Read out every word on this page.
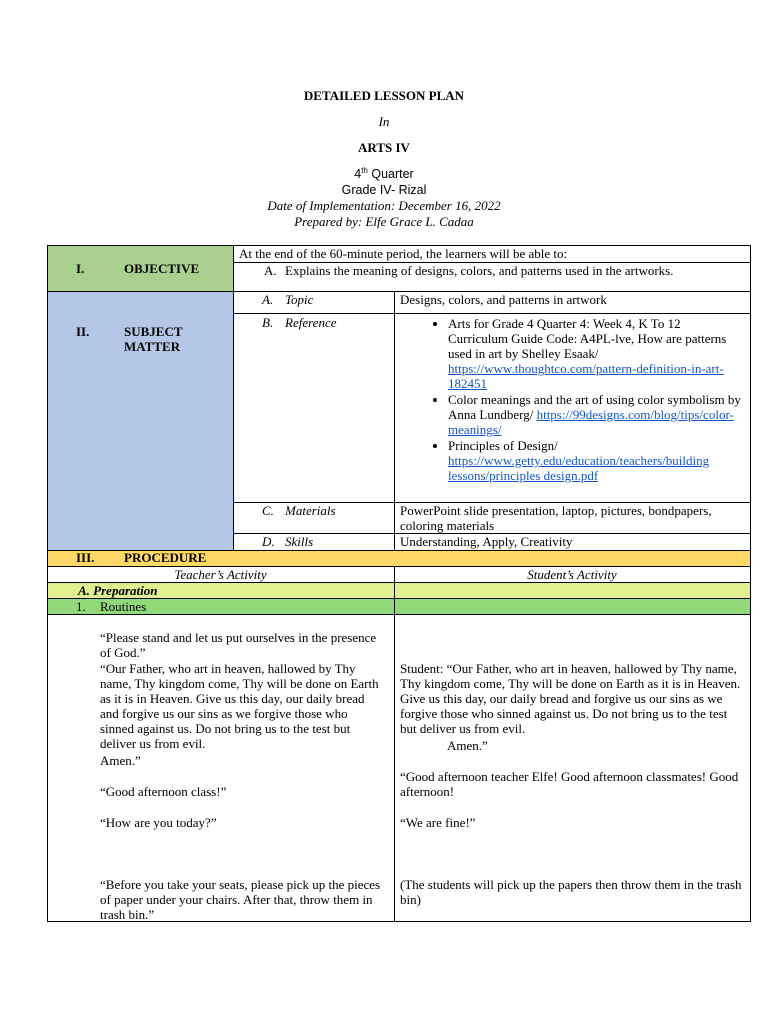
DETAILED LESSON PLAN
In
ARTS IV
4th Quarter
Grade IV- Rizal
Date of Implementation: December 16, 2022
Prepared by: Elfe Grace L. Cadaa
I.	OBJECTIVE
At the end of the 60-minute period, the learners will be able to:
A. Explains the meaning of designs, colors, and patterns used in the artworks.
II.	SUBJECT
MATTER
A. Topic	Designs, colors, and patterns in artwork
B. Reference
•	Arts for Grade 4 Quarter 4: Week 4, K To 12 Curriculum Guide Code: A4PL-lve, How are patterns used in art by Shelley Esaak/ https://www.thoughtco.com/pattern-definition-in-art-182451
• Color meanings and the art of using color symbolism by Anna Lundberg/ https://99designs.com/blog/tips/color-meanings/
• Principles of Design/ https://www.getty.edu/education/teachers/building lessons/principles design.pdf
C. Materials	PowerPoint slide presentation, laptop, pictures, bondpapers, coloring materials
D. Skills	Understanding, Apply, Creativity
III. PROCEDURE
Teacher’s Activity	Student’s Activity
A. Preparation
1. Routines
“Please stand and let us put ourselves in the presence of God.”
“Our Father, who art in heaven, hallowed by Thy name, Thy kingdom come, Thy will be done on Earth as it is in Heaven. Give us this day, our daily bread and forgive us our sins as we forgive those who sinned against us. Do not bring us to the test but deliver us from evil.
Amen.”
“Good afternoon class!”
“How are you today?”
“Before you take your seats, please pick up the pieces of paper under your chairs. After that, throw them in trash bin.”
Student: “Our Father, who art in heaven, hallowed by Thy name, Thy kingdom come, Thy will be done on Earth as it is in Heaven. Give us this day, our daily bread and forgive us our sins as we forgive those who sinned against us. Do not bring us to the test but deliver us from evil.
Amen.”
“Good afternoon teacher Elfe! Good afternoon classmates! Good afternoon!
“We are fine!”
(The students will pick up the papers then throw them in the trash bin)
